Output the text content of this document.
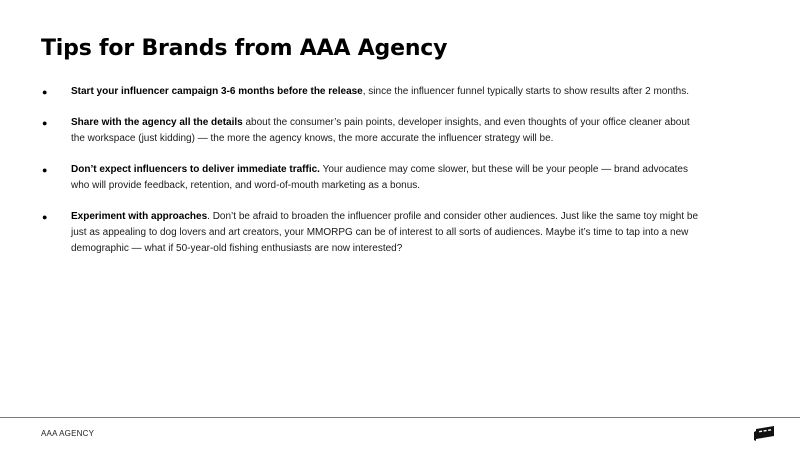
Tips for Brands from AAA Agency
● Start your influencer campaign 3-6 months before the release, since the influencer funnel typically starts to show results after 2 months.
● Share with the agency all the details about the consumer’s pain points, developer insights, and even thoughts of your office cleaner about the workspace (just kidding) — the more the agency knows, the more accurate the influencer strategy will be.
● Don’t expect influencers to deliver immediate traffic. Your audience may come slower, but these will be your people — brand advocates who will provide feedback, retention, and word-of-mouth marketing as a bonus.
● Experiment with approaches. Don’t be afraid to broaden the influencer profile and consider other audiences. Just like the same toy might be just as appealing to dog lovers and art creators, your MMORPG can be of interest to all sorts of audiences. Maybe it’s time to tap into a new demographic — what if 50-year-old fishing enthusiasts are now interested?
AAA AGENCY
